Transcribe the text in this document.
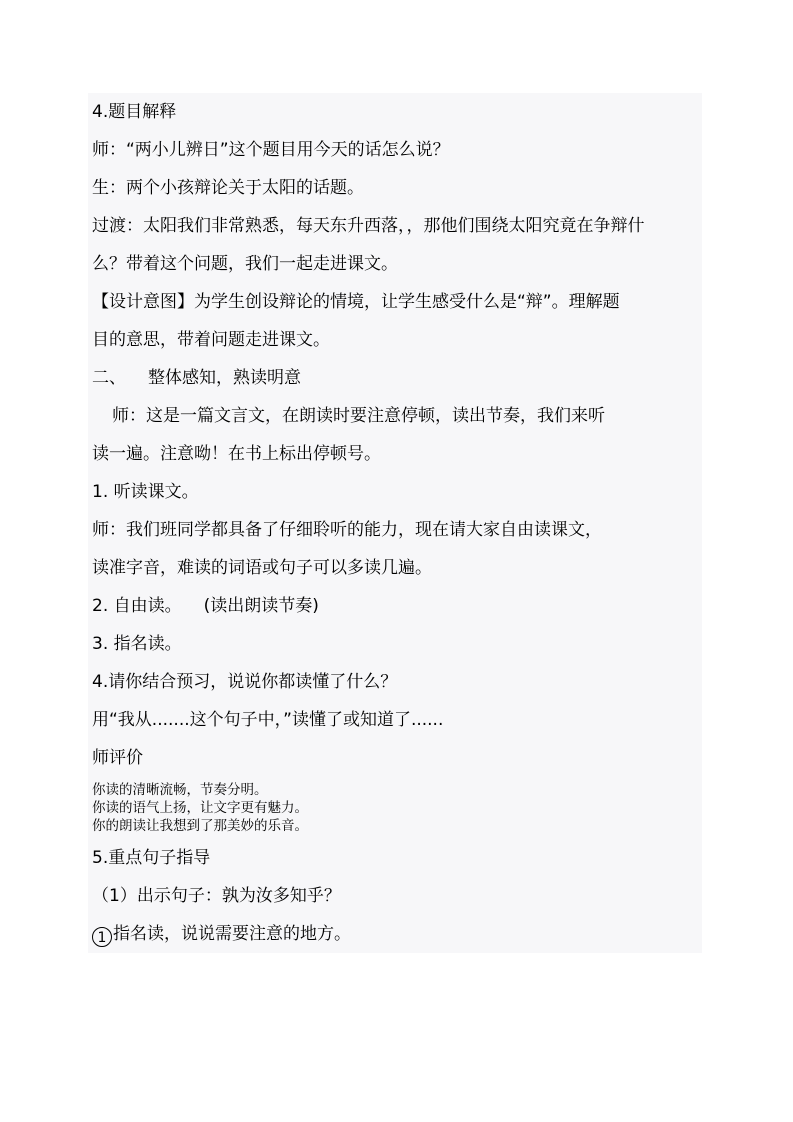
4.题目解释
师：“两小儿辨日”这个题目用今天的话怎么说？
生：两个小孩辩论关于太阳的话题。
过渡：太阳我们非常熟悉，每天东升西落，，那他们围绕太阳究竟在争辩什
么？带着这个问题，我们一起走进课文。
【设计意图】为学生创设辩论的情境，让学生感受什么是“辩”。理解题
目的意思，带着问题走进课文。
二、 整体感知，熟读明意
师：这是一篇文言文，在朗读时要注意停顿，读出节奏，我们来听
读一遍。注意呦！在书上标出停顿号。
1. 听读课文。
师：我们班同学都具备了仔细聆听的能力，现在请大家自由读课文，
读准字音，难读的词语或句子可以多读几遍。
2. 自由读。 (读出朗读节奏)
3. 指名读。
4.请你结合预习，说说你都读懂了什么？
用“我从.......这个句子中，”读懂了或知道了......
师评价
你读的清晰流畅，节奏分明。
你读的语气上扬，让文字更有魅力。
你的朗读让我想到了那美妙的乐音。
5.重点句子指导
（1）出示句子：孰为汝多知乎？
1 指名读，说说需要注意的地方。
